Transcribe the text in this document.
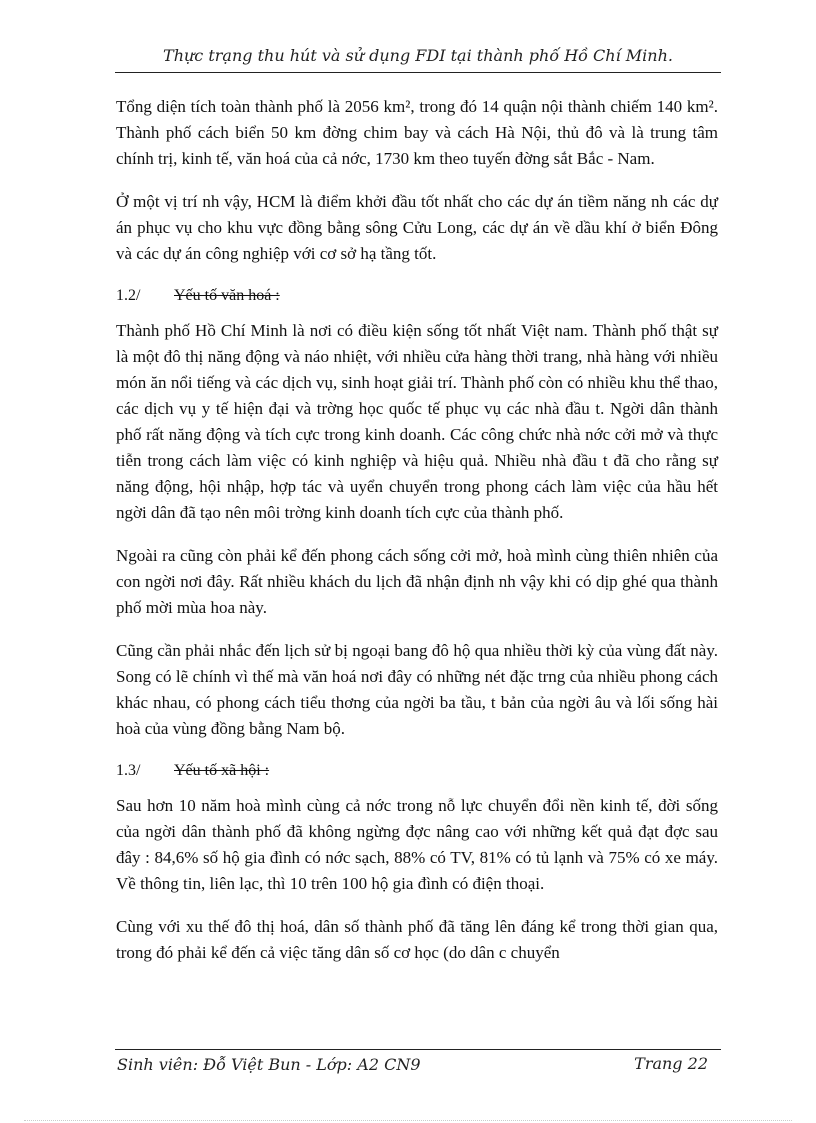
Thực trạng thu hút và sử dụng FDI tại thành phố Hồ Chí Minh.

Tổng diện tích toàn thành phố là 2056 km², trong đó 14 quận nội thành chiếm 140 km². Thành phố cách biển 50 km đờng chim bay và cách Hà Nội, thủ đô và là trung tâm chính trị, kinh tế, văn hoá của cả nớc, 1730 km theo tuyến đờng sắt Bắc - Nam.

Ở một vị trí nh vậy, HCM là điểm khởi đầu tốt nhất cho các dự án tiềm năng nh các dự án phục vụ cho khu vực đồng bằng sông Cửu Long, các dự án về dầu khí ở biển Đông và các dự án công nghiệp với cơ sở hạ tầng tốt.

1.2/ Yếu tố văn hoá :

Thành phố Hồ Chí Minh là nơi có điều kiện sống tốt nhất Việt nam. Thành phố thật sự là một đô thị năng động và náo nhiệt, với nhiều cửa hàng thời trang, nhà hàng với nhiều món ăn nổi tiếng và các dịch vụ, sinh hoạt giải trí. Thành phố còn có nhiều khu thể thao, các dịch vụ y tế hiện đại và trờng học quốc tế phục vụ các nhà đầu t. Ngời dân thành phố rất năng động và tích cực trong kinh doanh. Các công chức nhà nớc cởi mở và thực tiễn trong cách làm việc có kinh nghiệp và hiệu quả. Nhiều nhà đầu t đã cho rằng sự năng động, hội nhập, hợp tác và uyển chuyển trong phong cách làm việc của hầu hết ngời dân đã tạo nên môi trờng kinh doanh tích cực của thành phố.

Ngoài ra cũng còn phải kể đến phong cách sống cởi mở, hoà mình cùng thiên nhiên của con ngời nơi đây. Rất nhiều khách du lịch đã nhận định nh vậy khi có dịp ghé qua thành phố mời mùa hoa này.

Cũng cần phải nhắc đến lịch sử bị ngoại bang đô hộ qua nhiều thời kỳ của vùng đất này. Song có lẽ chính vì thế mà văn hoá nơi đây có những nét đặc trng của nhiều phong cách khác nhau, có phong cách tiểu thơng của ngời ba tầu, t bản của ngời âu và lối sống hài hoà của vùng đồng bằng Nam bộ.

1.3/ Yếu tố xã hội :

Sau hơn 10 năm hoà mình cùng cả nớc trong nỗ lực chuyển đổi nền kinh tế, đời sống của ngời dân thành phố đã không ngừng đợc nâng cao với những kết quả đạt đợc sau đây : 84,6% số hộ gia đình có nớc sạch, 88% có TV, 81% có tủ lạnh và 75% có xe máy. Về thông tin, liên lạc, thì 10 trên 100 hộ gia đình có điện thoại.

Cùng với xu thế đô thị hoá, dân số thành phố đã tăng lên đáng kể trong thời gian qua, trong đó phải kể đến cả việc tăng dân số cơ học (do dân c chuyển

Sinh viên: Đỗ Việt Bun - Lớp: A2 CN9	Trang 22
